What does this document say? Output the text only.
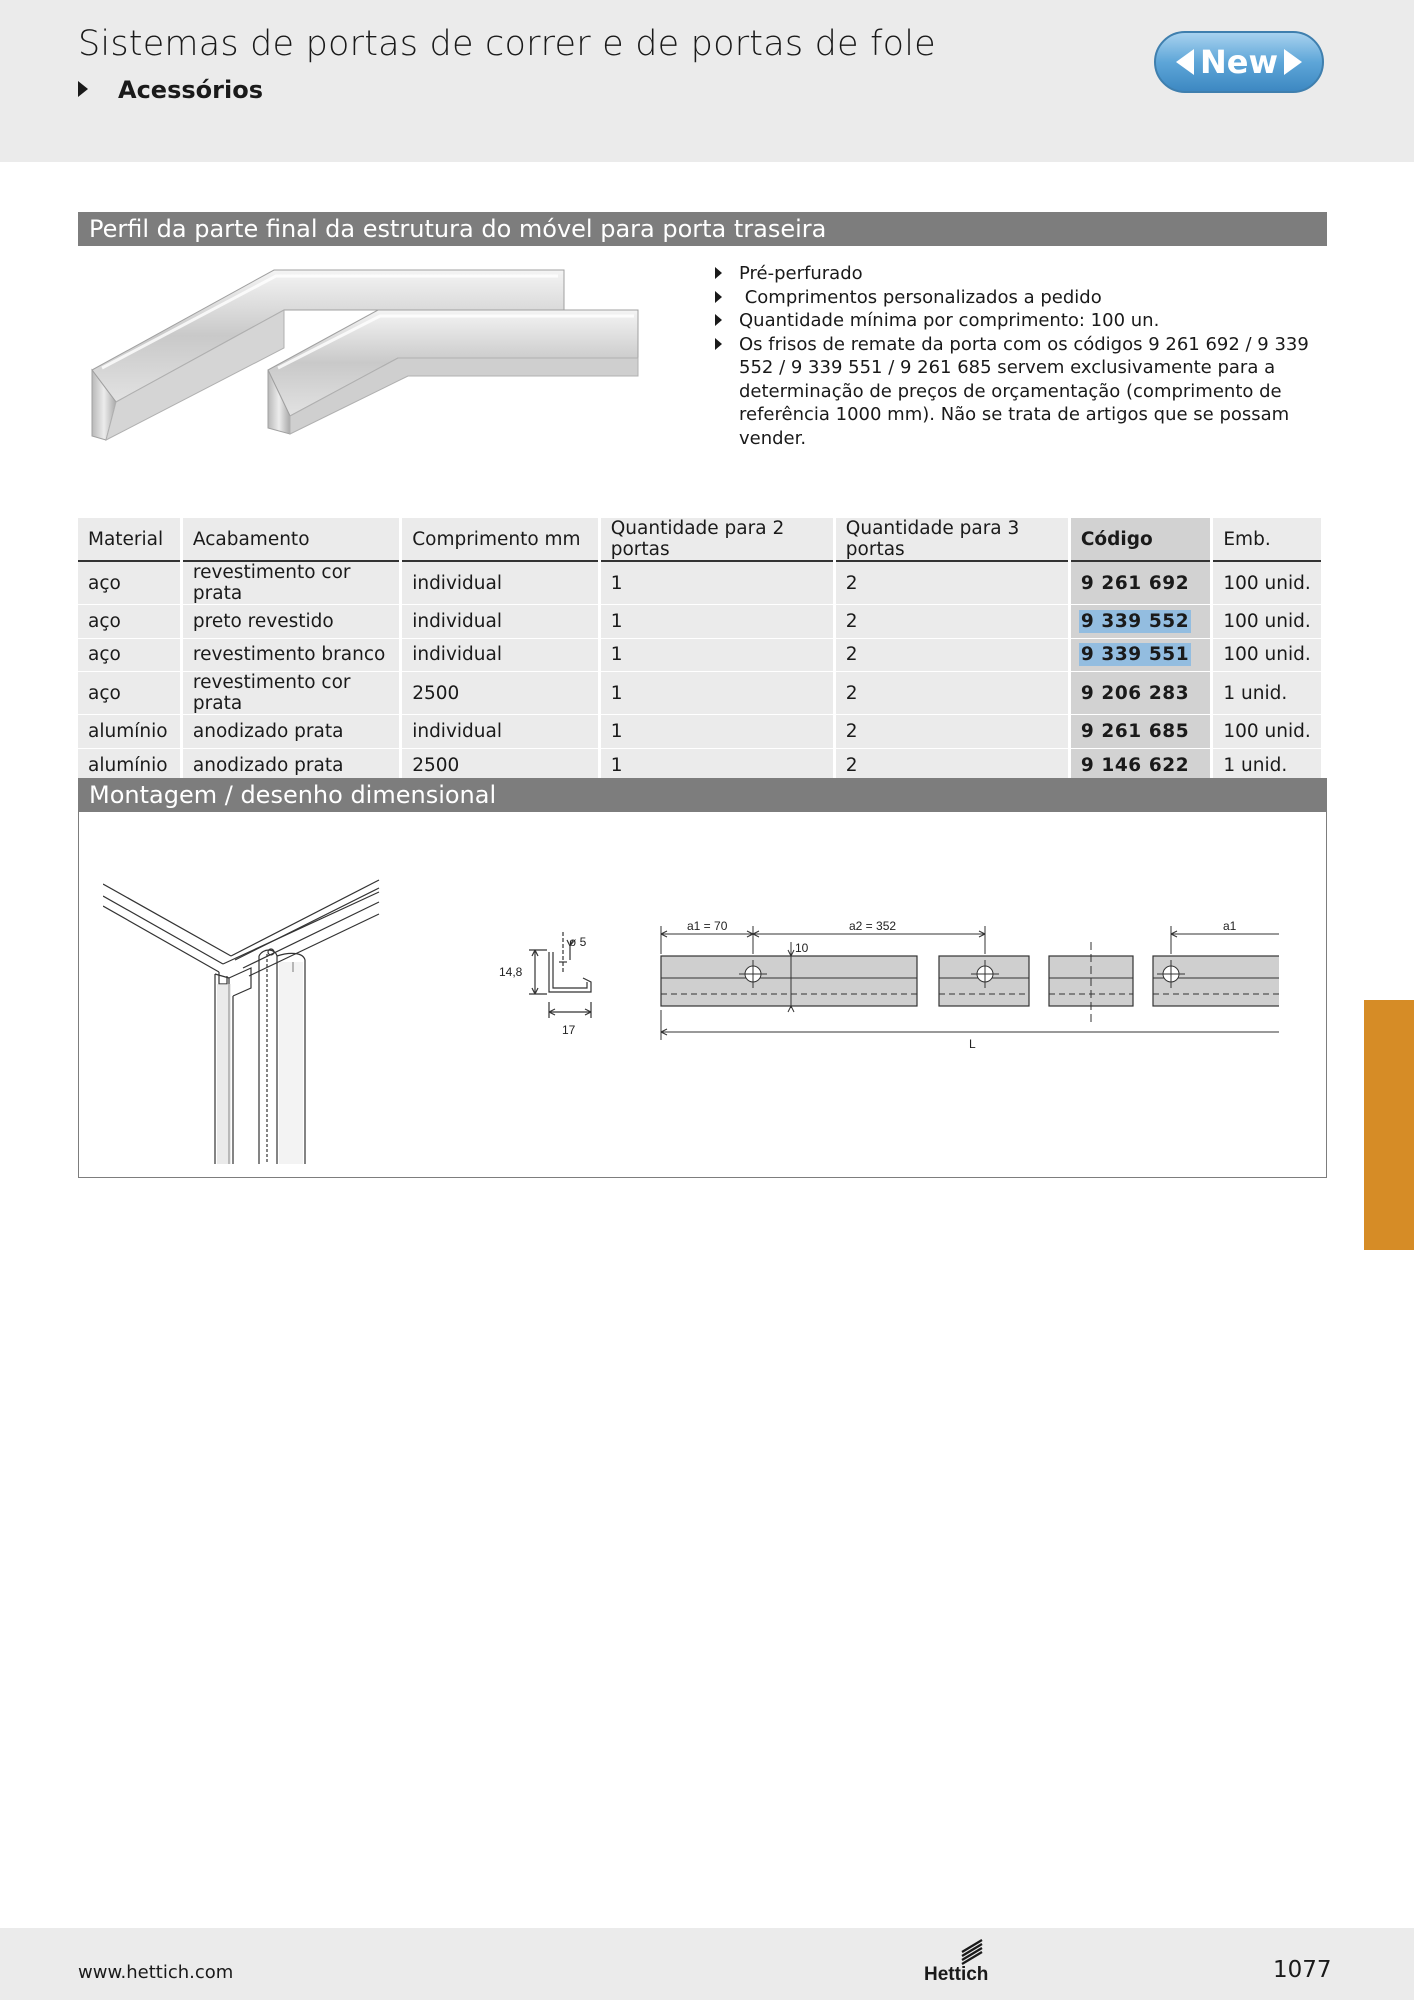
Sistemas de portas de correr e de portas de fole
Acessórios
New
Perfil da parte final da estrutura do móvel para porta traseira
Pré-perfurado
Comprimentos personalizados a pedido
Quantidade mínima por comprimento: 100 un.
Os frisos de remate da porta com os códigos 9 261 692 / 9 339 552 / 9 339 551 / 9 261 685 servem exclusivamente para a determinação de preços de orçamentação (comprimento de referência 1000 mm). Não se trata de artigos que se possam vender.
Material	Acabamento	Comprimento mm	Quantidade para 2 portas	Quantidade para 3 portas	Código	Emb.
aço	revestimento cor prata	individual	1	2	9 261 692	100 unid.
aço	preto revestido	individual	1	2	9 339 552	100 unid.
aço	revestimento branco	individual	1	2	9 339 551	100 unid.
aço	revestimento cor prata	2500	1	2	9 206 283	1 unid.
alumínio	anodizado prata	individual	1	2	9 261 685	100 unid.
alumínio	anodizado prata	2500	1	2	9 146 622	1 unid.
Montagem / desenho dimensional
ø 5
14,8
17
a1 = 70	a2 = 352
10
a1
L
www.hettich.com	Hettich	1077
